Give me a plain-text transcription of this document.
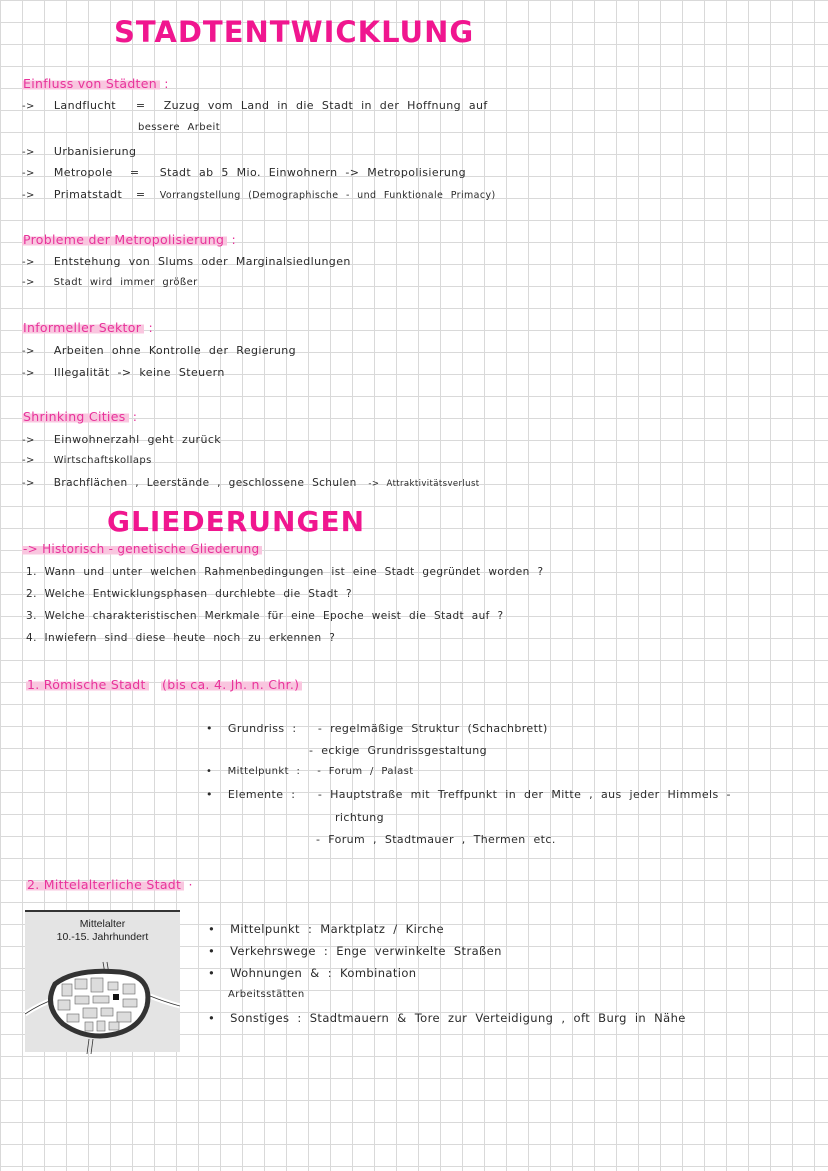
STADTENTWICKLUNG
Einfluss von Städten :
-> Landflucht = Zuzug vom Land in die Stadt in der Hoffnung auf
bessere Arbeit
-> Urbanisierung
-> Metropole = Stadt ab 5 Mio. Einwohnern -> Metropolisierung
-> Primatstadt = Vorrangstellung (Demographische - und Funktionale Primacy)
Probleme der Metropolisierung :
-> Entstehung von Slums oder Marginalsiedlungen
-> Stadt wird immer größer
Informeller Sektor :
-> Arbeiten ohne Kontrolle der Regierung
-> Illegalität -> keine Steuern
Shrinking Cities :
-> Einwohnerzahl geht zurück
-> Wirtschaftskollaps
-> Brachflächen , Leerstände , geschlossene Schulen -> Attraktivitätsverlust
GLIEDERUNGEN
-> Historisch - genetische Gliederung
1. Wann und unter welchen Rahmenbedingungen ist eine Stadt gegründet worden ?
2. Welche Entwicklungsphasen durchlebte die Stadt ?
3. Welche charakteristischen Merkmale für eine Epoche weist die Stadt auf ?
4. Inwiefern sind diese heute noch zu erkennen ?
1. Römische Stadt (bis ca. 4. Jh. n. Chr.)
• Grundriss : - regelmäßige Struktur (Schachbrett)
- eckige Grundrissgestaltung
• Mittelpunkt : - Forum / Palast
• Elemente : - Hauptstraße mit Treffpunkt in der Mitte , aus jeder Himmels -
richtung
- Forum , Stadtmauer , Thermen etc.
2. Mittelalterliche Stadt ·
Mittelalter
10.-15. Jahrhundert
• Mittelpunkt : Marktplatz / Kirche
• Verkehrswege : Enge verwinkelte Straßen
• Wohnungen & : Kombination
Arbeitsstätten
• Sonstiges : Stadtmauern & Tore zur Verteidigung , oft Burg in Nähe
